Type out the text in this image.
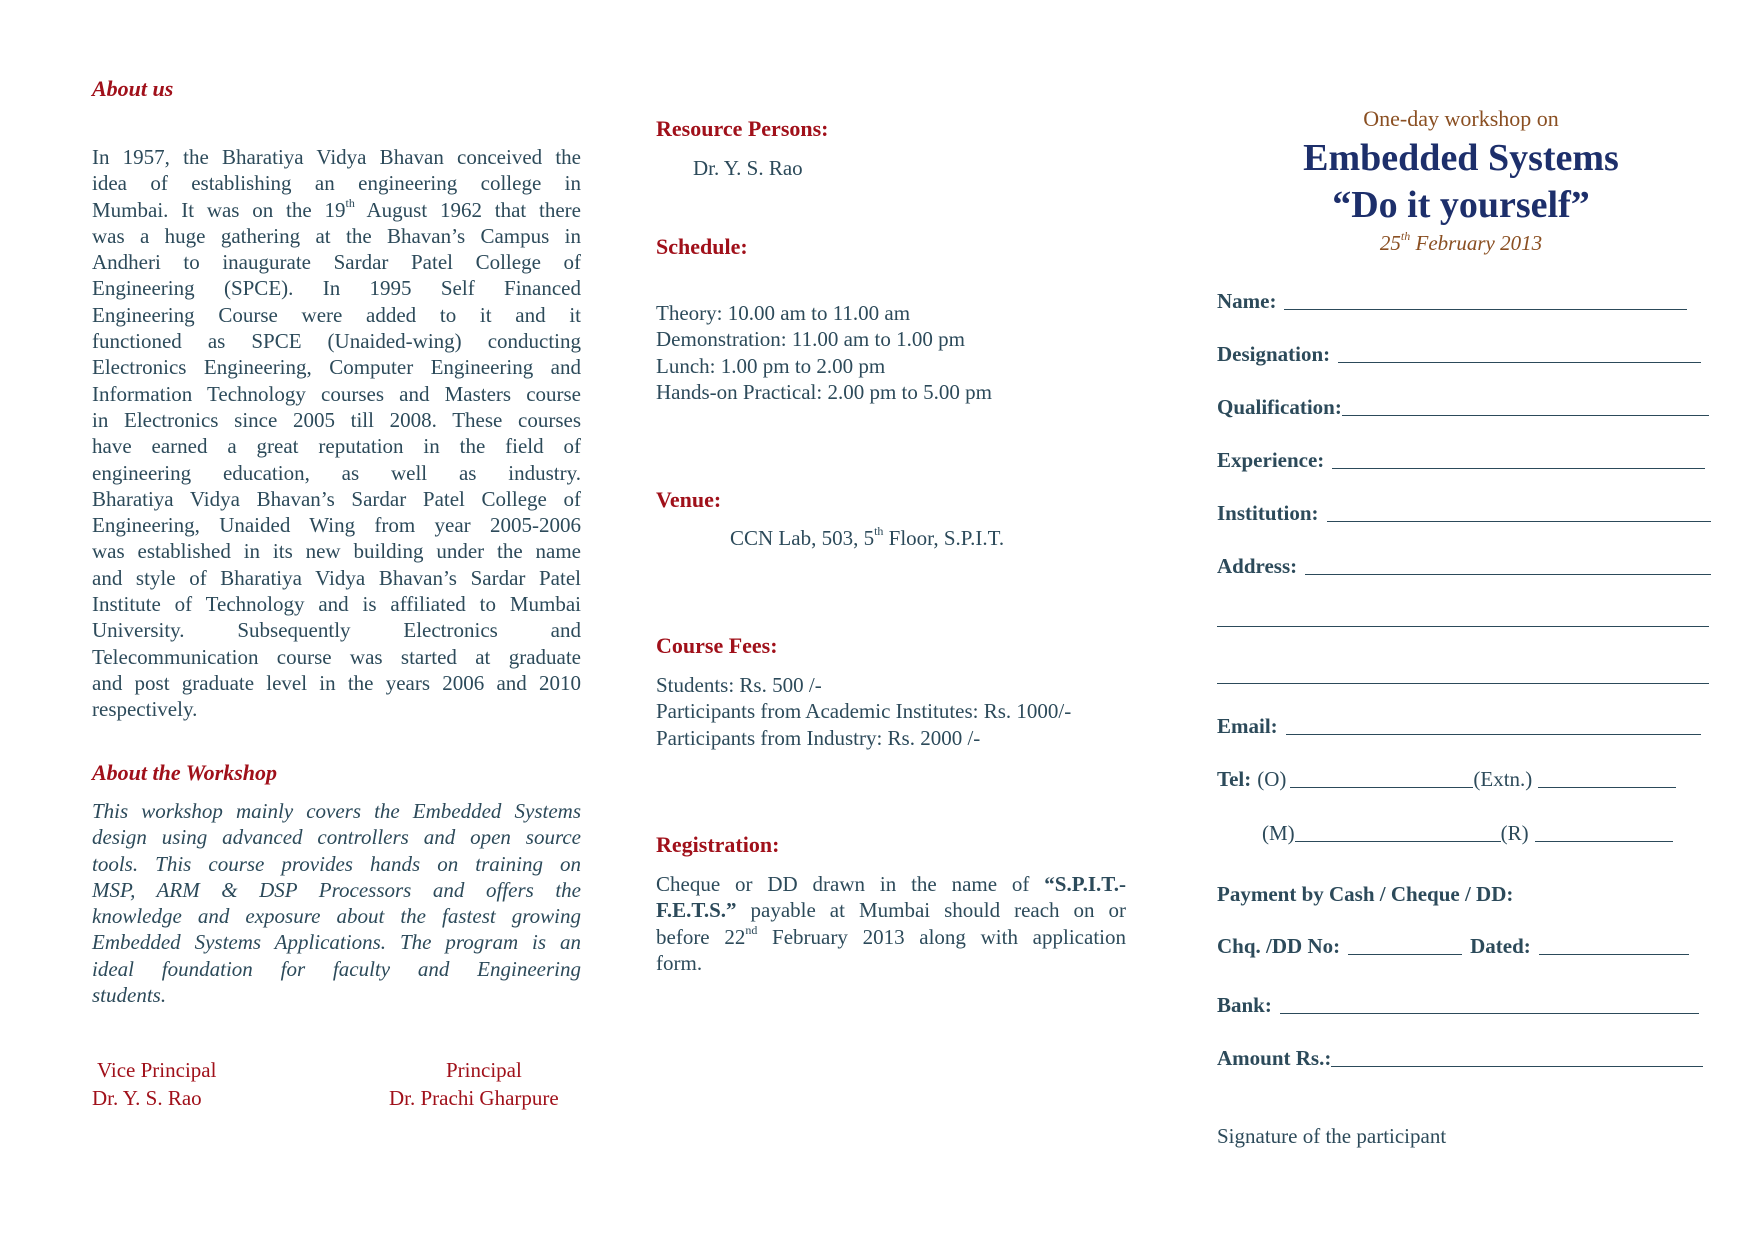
About us
In 1957, the Bharatiya Vidya Bhavan conceived the
idea of establishing an engineering college in
Mumbai. It was on the 19th August 1962 that there
was a huge gathering at the Bhavan’s Campus in
Andheri to inaugurate Sardar Patel College of
Engineering (SPCE). In 1995 Self Financed
Engineering Course were added to it and it
functioned as SPCE (Unaided-wing) conducting
Electronics Engineering, Computer Engineering and
Information Technology courses and Masters course
in Electronics since 2005 till 2008. These courses
have earned a great reputation in the field of
engineering education, as well as industry.
Bharatiya Vidya Bhavan’s Sardar Patel College of
Engineering, Unaided Wing from year 2005-2006
was established in its new building under the name
and style of Bharatiya Vidya Bhavan’s Sardar Patel
Institute of Technology and is affiliated to Mumbai
University. Subsequently Electronics and
Telecommunication course was started at graduate
and post graduate level in the years 2006 and 2010
respectively.
About the Workshop
This workshop mainly covers the Embedded Systems
design using advanced controllers and open source
tools. This course provides hands on training on
MSP, ARM & DSP Processors and offers the
knowledge and exposure about the fastest growing
Embedded Systems Applications. The program is an
ideal foundation for faculty and Engineering
students.
Vice Principal
Dr. Y. S. Rao
Principal
Dr. Prachi Gharpure
Resource Persons:
Dr. Y. S. Rao
Schedule:
Theory: 10.00 am to 11.00 am
Demonstration: 11.00 am to 1.00 pm
Lunch: 1.00 pm to 2.00 pm
Hands-on Practical: 2.00 pm to 5.00 pm
Venue:
CCN Lab, 503, 5th Floor, S.P.I.T.
Course Fees:
Students: Rs. 500 /-
Participants from Academic Institutes: Rs. 1000/-
Participants from Industry: Rs. 2000 /-
Registration:
Cheque or DD drawn in the name of “S.P.I.T.-
F.E.T.S.” payable at Mumbai should reach on or
before 22nd February 2013 along with application
form.
One-day workshop on
Embedded Systems
“Do it yourself”
25th February 2013
Name:
Designation:
Qualification:
Experience:
Institution:
Address:
Email:
Tel: (O)	(Extn.)
(M)	(R)
Payment by Cash / Cheque / DD:
Chq. /DD No:	Dated:
Bank:
Amount Rs.:
Signature of the participant
